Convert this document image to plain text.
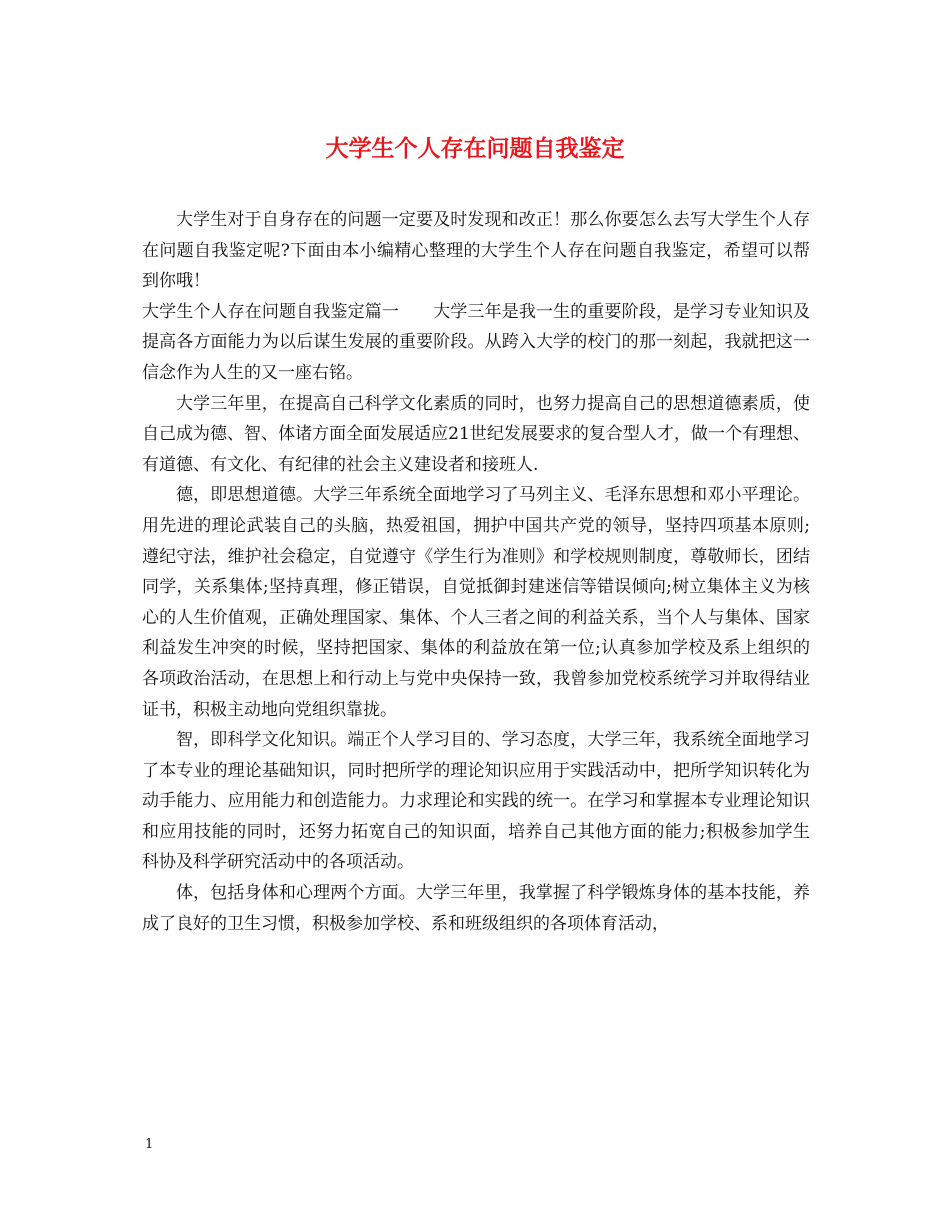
大学生个人存在问题自我鉴定

大学生对于自身存在的问题一定要及时发现和改正！那么你要怎么去写大学生个人存在问题自我鉴定呢?下面由本小编精心整理的大学生个人存在问题自我鉴定，希望可以帮到你哦！

大学生个人存在问题自我鉴定篇一　　大学三年是我一生的重要阶段，是学习专业知识及提高各方面能力为以后谋生发展的重要阶段。从跨入大学的校门的那一刻起，我就把这一信念作为人生的又一座右铭。

大学三年里，在提高自己科学文化素质的同时，也努力提高自己的思想道德素质，使自己成为德、智、体诸方面全面发展适应21世纪发展要求的复合型人才，做一个有理想、有道德、有文化、有纪律的社会主义建设者和接班人.

德，即思想道德。大学三年系统全面地学习了马列主义、毛泽东思想和邓小平理论。用先进的理论武装自己的头脑，热爱祖国，拥护中国共产党的领导，坚持四项基本原则;遵纪守法，维护社会稳定，自觉遵守《学生行为准则》和学校规则制度，尊敬师长，团结同学，关系集体;坚持真理，修正错误，自觉抵御封建迷信等错误倾向;树立集体主义为核心的人生价值观，正确处理国家、集体、个人三者之间的利益关系，当个人与集体、国家利益发生冲突的时候，坚持把国家、集体的利益放在第一位;认真参加学校及系上组织的各项政治活动，在思想上和行动上与党中央保持一致，我曾参加党校系统学习并取得结业证书，积极主动地向党组织靠拢。

智，即科学文化知识。端正个人学习目的、学习态度，大学三年，我系统全面地学习了本专业的理论基础知识，同时把所学的理论知识应用于实践活动中，把所学知识转化为动手能力、应用能力和创造能力。力求理论和实践的统一。在学习和掌握本专业理论知识和应用技能的同时，还努力拓宽自己的知识面，培养自己其他方面的能力;积极参加学生科协及科学研究活动中的各项活动。

体，包括身体和心理两个方面。大学三年里，我掌握了科学锻炼身体的基本技能，养成了良好的卫生习惯，积极参加学校、系和班级组织的各项体育活动，

1
